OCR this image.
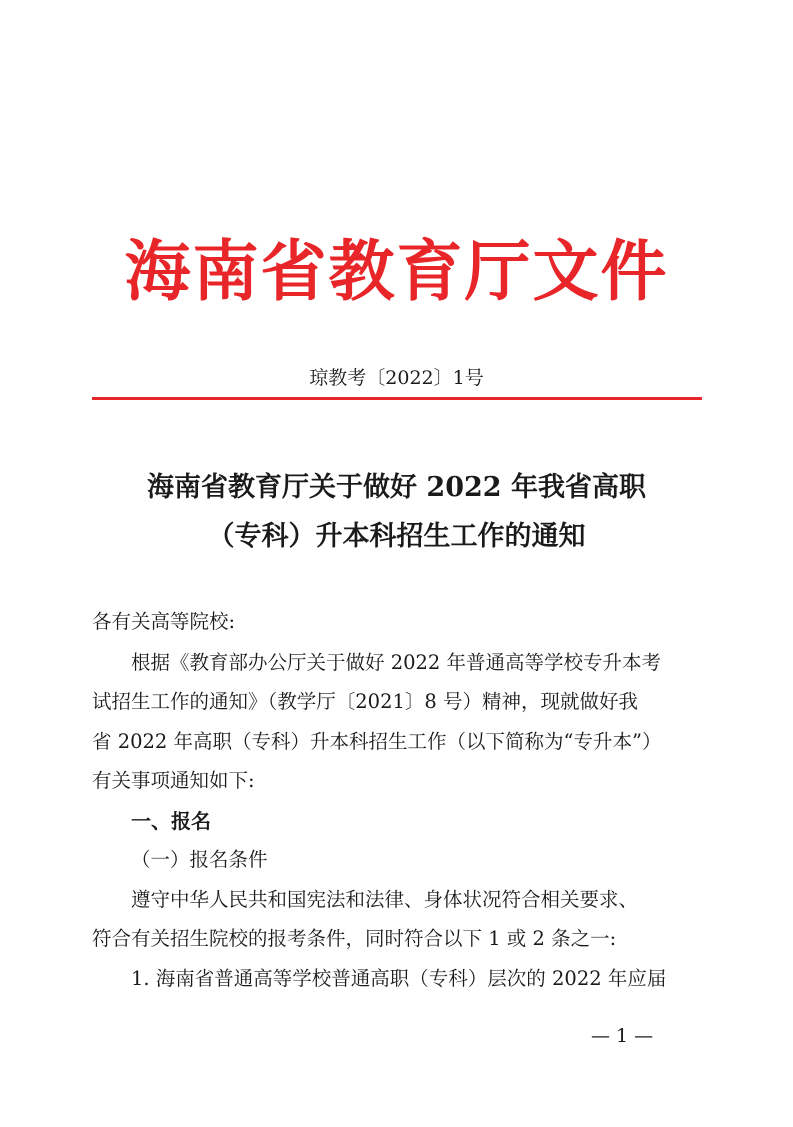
海南省教育厅文件
琼教考〔2022〕1号
海南省教育厅关于做好 2022 年我省高职
（专科）升本科招生工作的通知
各有关高等院校:
根据《教育部办公厅关于做好 2022 年普通高等学校专升本考
试招生工作的通知》（教学厅〔2021〕8 号）精神，现就做好我
省 2022 年高职（专科）升本科招生工作（以下简称为“专升本”）
有关事项通知如下:
一、报名
（一）报名条件
遵守中华人民共和国宪法和法律、身体状况符合相关要求、
符合有关招生院校的报考条件，同时符合以下 1 或 2 条之一:
1. 海南省普通高等学校普通高职（专科）层次的 2022 年应届
— 1 —
